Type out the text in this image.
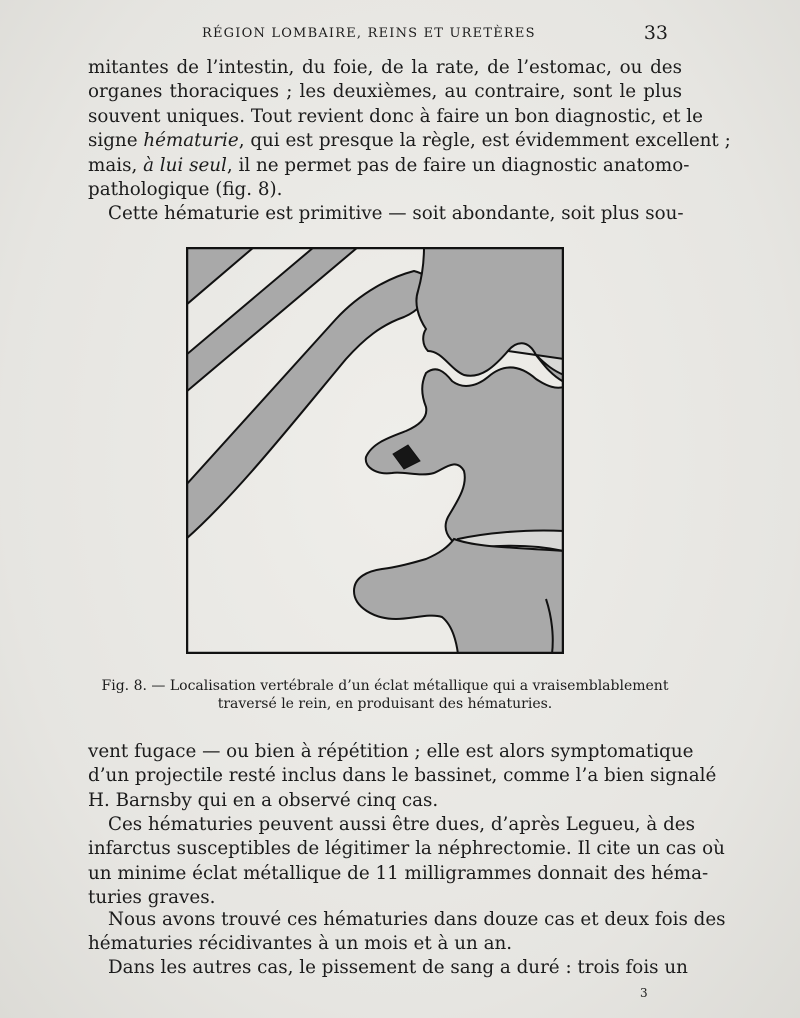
RÉGION LOMBAIRE, REINS ET URETÈRES	33
mitantes de l’intestin, du foie, de la rate, de l’estomac, ou des
organes thoraciques ; les deuxièmes, au contraire, sont le plus
souvent uniques. Tout revient donc à faire un bon diagnostic, et le
signe hématurie, qui est presque la règle, est évidemment excellent ;
mais, à lui seul, il ne permet pas de faire un diagnostic anatomo-
pathologique (fig. 8).
Cette hématurie est primitive — soit abondante, soit plus sou-
Fig. 8. — Localisation vertébrale d’un éclat métallique qui a vraisemblablement
traversé le rein, en produisant des hématuries.
vent fugace — ou bien à répétition ; elle est alors symptomatique
d’un projectile resté inclus dans le bassinet, comme l’a bien signalé
H. Barnsby qui en a observé cinq cas.
Ces hématuries peuvent aussi être dues, d’après Legueu, à des
infarctus susceptibles de légitimer la néphrectomie. Il cite un cas où
un minime éclat métallique de 11 milligrammes donnait des héma-
turies graves.
Nous avons trouvé ces hématuries dans douze cas et deux fois des
hématuries récidivantes à un mois et à un an.
Dans les autres cas, le pissement de sang a duré : trois fois un
3
